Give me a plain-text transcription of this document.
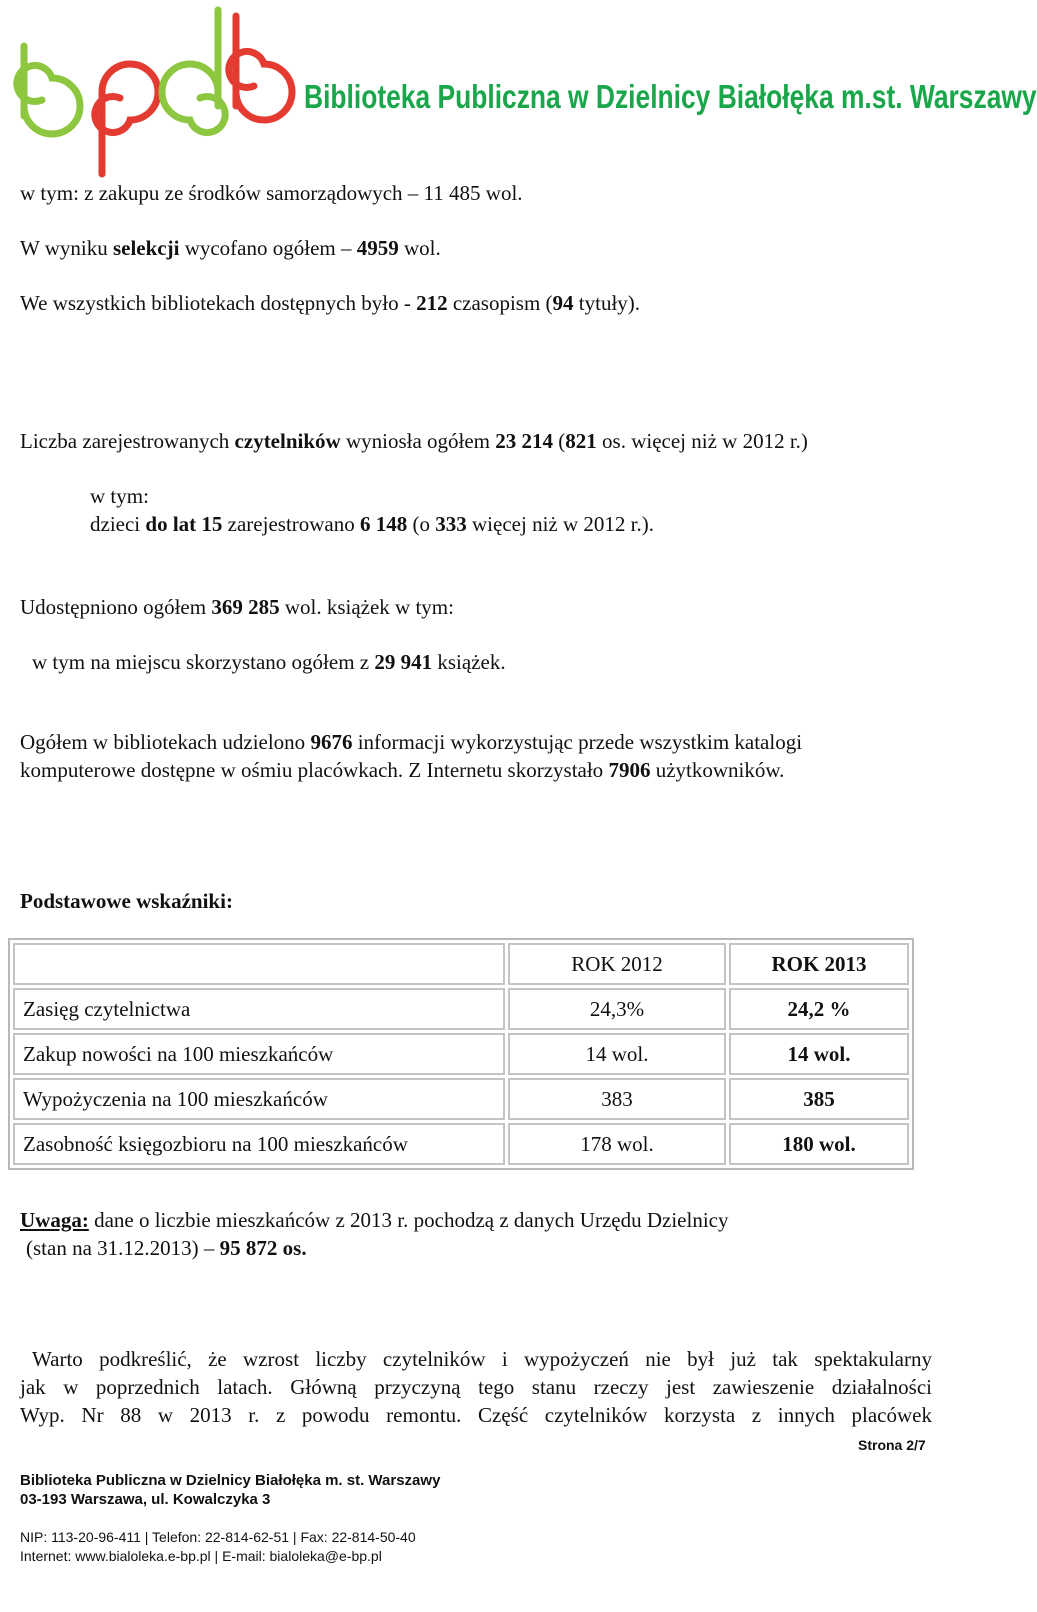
Biblioteka Publiczna w Dzielnicy Białołęka m.st. Warszawy
w tym: z zakupu ze środków samorządowych – 11 485 wol.
W wyniku selekcji wycofano ogółem – 4959 wol.
We wszystkich bibliotekach dostępnych było - 212 czasopism (94 tytuły).
Liczba zarejestrowanych czytelników wyniosła ogółem 23 214 (821 os. więcej niż w 2012 r.)
w tym:
dzieci do lat 15 zarejestrowano 6 148 (o 333 więcej niż w 2012 r.).
Udostępniono ogółem 369 285 wol. książek w tym:
w tym na miejscu skorzystano ogółem z 29 941 książek.
Ogółem w bibliotekach udzielono 9676 informacji wykorzystując przede wszystkim katalogi
komputerowe dostępne w ośmiu placówkach. Z Internetu skorzystało 7906 użytkowników.
Podstawowe wskaźniki:
	ROK 2012	ROK 2013
Zasięg czytelnictwa	24,3%	24,2 %
Zakup nowości na 100 mieszkańców	14 wol.	14 wol.
Wypożyczenia na 100 mieszkańców	383	385
Zasobność księgozbioru na 100 mieszkańców	178 wol.	180 wol.
Uwaga: dane o liczbie mieszkańców z 2013 r. pochodzą z danych Urzędu Dzielnicy
(stan na 31.12.2013) – 95 872 os.
Warto podkreślić, że wzrost liczby czytelników i wypożyczeń nie był już tak spektakularny
jak w poprzednich latach. Główną przyczyną tego stanu rzeczy jest zawieszenie działalności
Wyp. Nr 88 w 2013 r. z powodu remontu. Część czytelników korzysta z innych placówek
Strona 2/7
Biblioteka Publiczna w Dzielnicy Białołęka m. st. Warszawy
03-193 Warszawa, ul. Kowalczyka 3
NIP: 113-20-96-411 | Telefon: 22-814-62-51 | Fax: 22-814-50-40
Internet: www.bialoleka.e-bp.pl | E-mail: bialoleka@e-bp.pl
